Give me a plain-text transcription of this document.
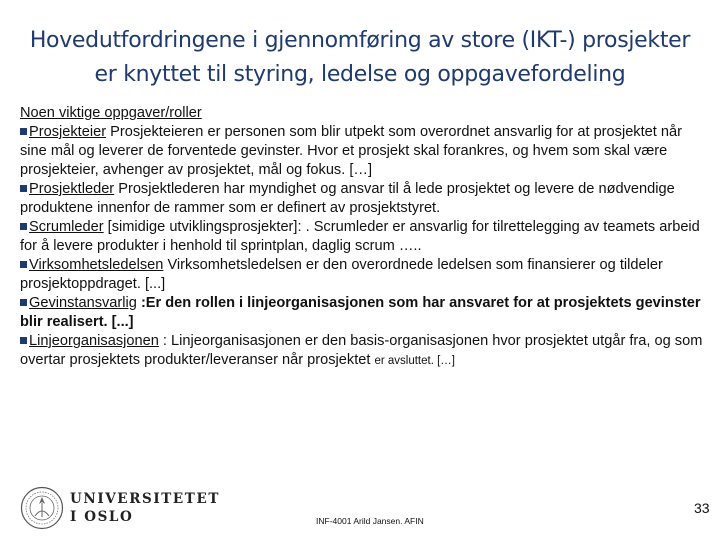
Hovedutfordringene i gjennomføring av store (IKT-) prosjekter
er knyttet til styring, ledelse og oppgavefordeling

Noen viktige oppgaver/roller

Prosjekteier Prosjekteieren er personen som blir utpekt som overordnet ansvarlig for at prosjektet når sine mål og leverer de forventede gevinster. Hvor et prosjekt skal forankres, og hvem som skal være prosjekteier, avhenger av prosjektet, mål og fokus. […]

Prosjektleder Prosjektlederen har myndighet og ansvar til å lede prosjektet og levere de nødvendige produktene innenfor de rammer som er definert av prosjektstyret.

Scrumleder [simidige utviklingsprosjekter]: . Scrumleder er ansvarlig for tilrettelegging av teamets arbeid for å levere produkter i henhold til sprintplan, daglig scrum …..

Virksomhetsledelsen Virksomhetsledelsen er den overordnede ledelsen som finansierer og tildeler prosjektoppdraget. [...]

Gevinstansvarlig :Er den rollen i linjeorganisasjonen som har ansvaret for at prosjektets gevinster blir realisert. [...]

Linjeorganisasjonen : Linjeorganisasjonen er den basis-organisasjonen hvor prosjektet utgår fra, og som overtar prosjektets produkter/leveranser når prosjektet er avsluttet. […]

UNIVERSITETET
I OSLO	INF-4001 Arild Jansen. AFIN
33
